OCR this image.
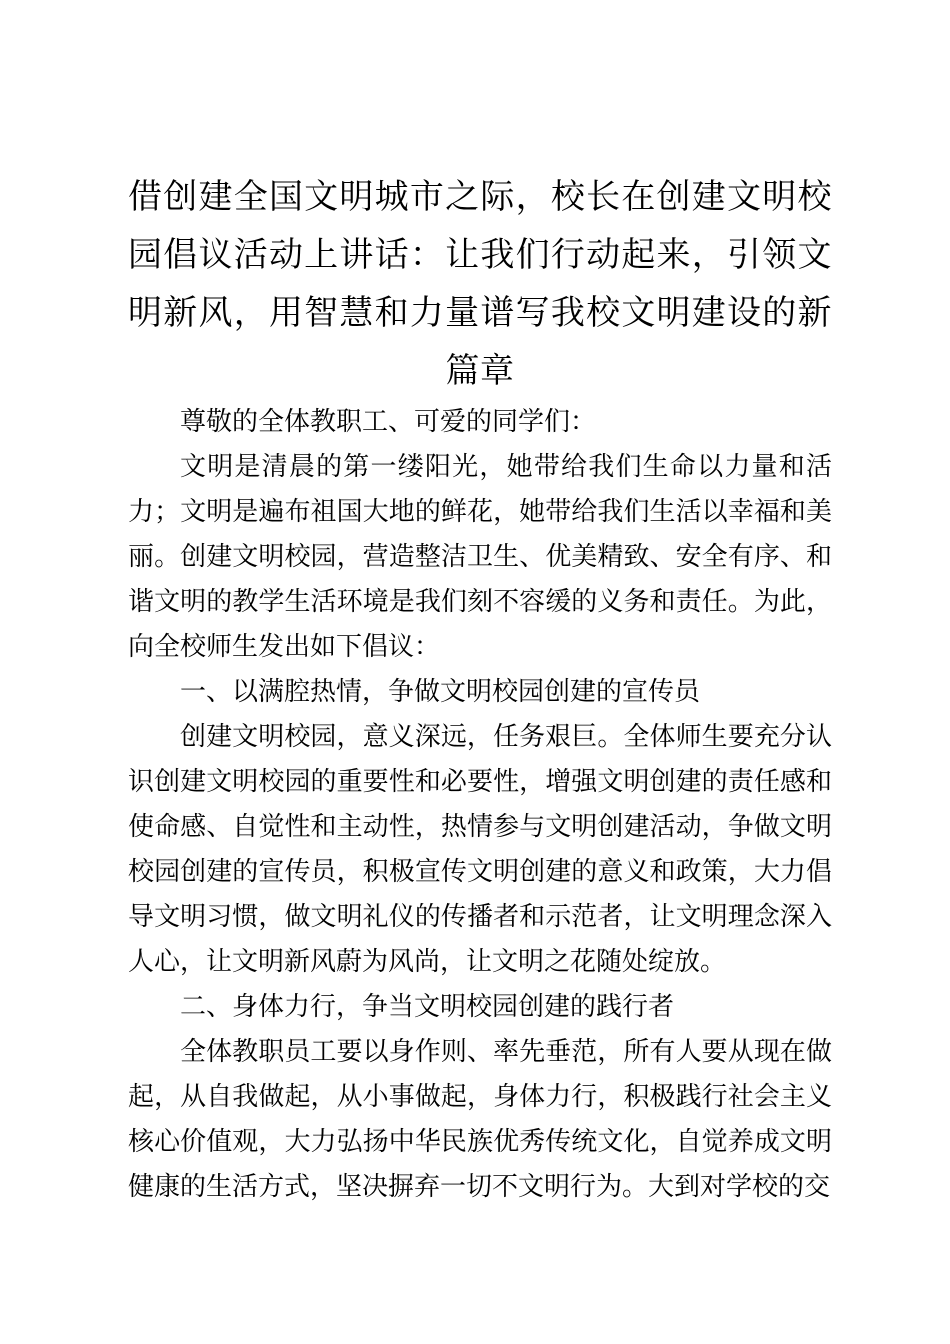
借创建全国文明城市之际，校长在创建文明校园倡议活动上讲话：让我们行动起来，引领文明新风，用智慧和力量谱写我校文明建设的新篇章

尊敬的全体教职工、可爱的同学们：

文明是清晨的第一缕阳光，她带给我们生命以力量和活力；文明是遍布祖国大地的鲜花，她带给我们生活以幸福和美丽。创建文明校园，营造整洁卫生、优美精致、安全有序、和谐文明的教学生活环境是我们刻不容缓的义务和责任。为此，向全校师生发出如下倡议：

一、以满腔热情，争做文明校园创建的宣传员

创建文明校园，意义深远，任务艰巨。全体师生要充分认识创建文明校园的重要性和必要性，增强文明创建的责任感和使命感、自觉性和主动性，热情参与文明创建活动，争做文明校园创建的宣传员，积极宣传文明创建的意义和政策，大力倡导文明习惯，做文明礼仪的传播者和示范者，让文明理念深入人心，让文明新风蔚为风尚，让文明之花随处绽放。

二、身体力行，争当文明校园创建的践行者

全体教职员工要以身作则、率先垂范，所有人要从现在做起，从自我做起，从小事做起，身体力行，积极践行社会主义核心价值观，大力弘扬中华民族优秀传统文化，自觉养成文明健康的生活方式，坚决摒弃一切不文明行为。大到对学校的交
